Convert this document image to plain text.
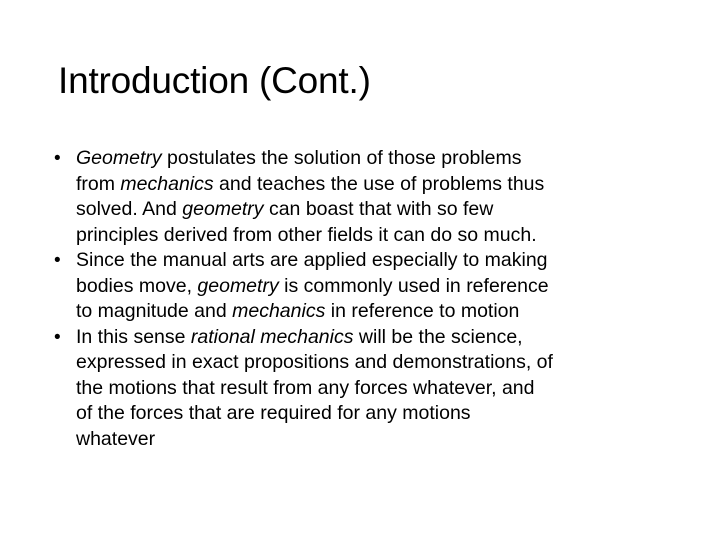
Introduction (Cont.)
• Geometry postulates the solution of those problems
from mechanics and teaches the use of problems thus
solved. And geometry can boast that with so few
principles derived from other fields it can do so much.
• Since the manual arts are applied especially to making
bodies move, geometry is commonly used in reference
to magnitude and mechanics in reference to motion
• In this sense rational mechanics will be the science,
expressed in exact propositions and demonstrations, of
the motions that result from any forces whatever, and
of the forces that are required for any motions
whatever
